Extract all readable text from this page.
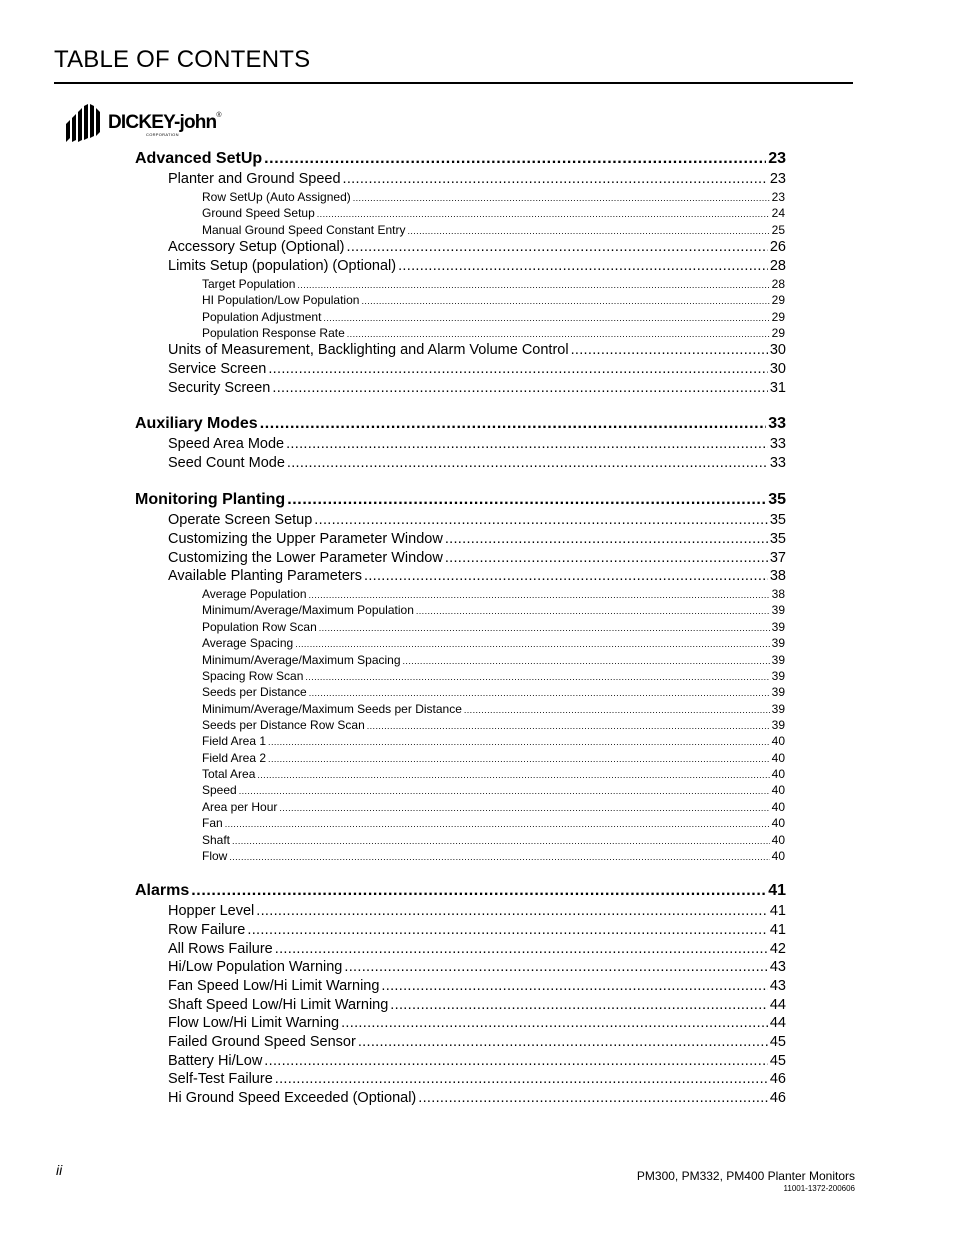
TABLE OF CONTENTS
DICKEY-john®
CORPORATION
Advanced SetUp .....	23
Planter and Ground Speed .....	23
Row SetUp (Auto Assigned) .....	23
Ground Speed Setup .....	24
Manual Ground Speed Constant Entry .....	25
Accessory Setup (Optional) .....	26
Limits Setup (population) (Optional) .....	28
Target Population .....	28
HI Population/Low Population .....	29
Population Adjustment .....	29
Population Response Rate .....	29
Units of Measurement, Backlighting and Alarm Volume Control .....	30
Service Screen .....	30
Security Screen .....	31
Auxiliary Modes .....	33
Speed Area Mode .....	33
Seed Count Mode .....	33
Monitoring Planting .....	35
Operate Screen Setup .....	35
Customizing the Upper Parameter Window .....	35
Customizing the Lower Parameter Window .....	37
Available Planting Parameters .....	38
Average Population .....	38
Minimum/Average/Maximum Population .....	39
Population Row Scan .....	39
Average Spacing .....	39
Minimum/Average/Maximum Spacing .....	39
Spacing Row Scan .....	39
Seeds per Distance .....	39
Minimum/Average/Maximum Seeds per Distance .....	39
Seeds per Distance Row Scan .....	39
Field Area 1 .....	40
Field Area 2 .....	40
Total Area .....	40
Speed .....	40
Area per Hour .....	40
Fan .....	40
Shaft .....	40
Flow .....	40
Alarms .....	41
Hopper Level .....	41
Row Failure .....	41
All Rows Failure .....	42
Hi/Low Population Warning .....	43
Fan Speed Low/Hi Limit Warning .....	43
Shaft Speed Low/Hi Limit Warning .....	44
Flow Low/Hi Limit Warning .....	44
Failed Ground Speed Sensor .....	45
Battery Hi/Low .....	45
Self-Test Failure .....	46
Hi Ground Speed Exceeded (Optional) .....	46
ii	PM300, PM332, PM400 Planter Monitors
11001-1372-200606
